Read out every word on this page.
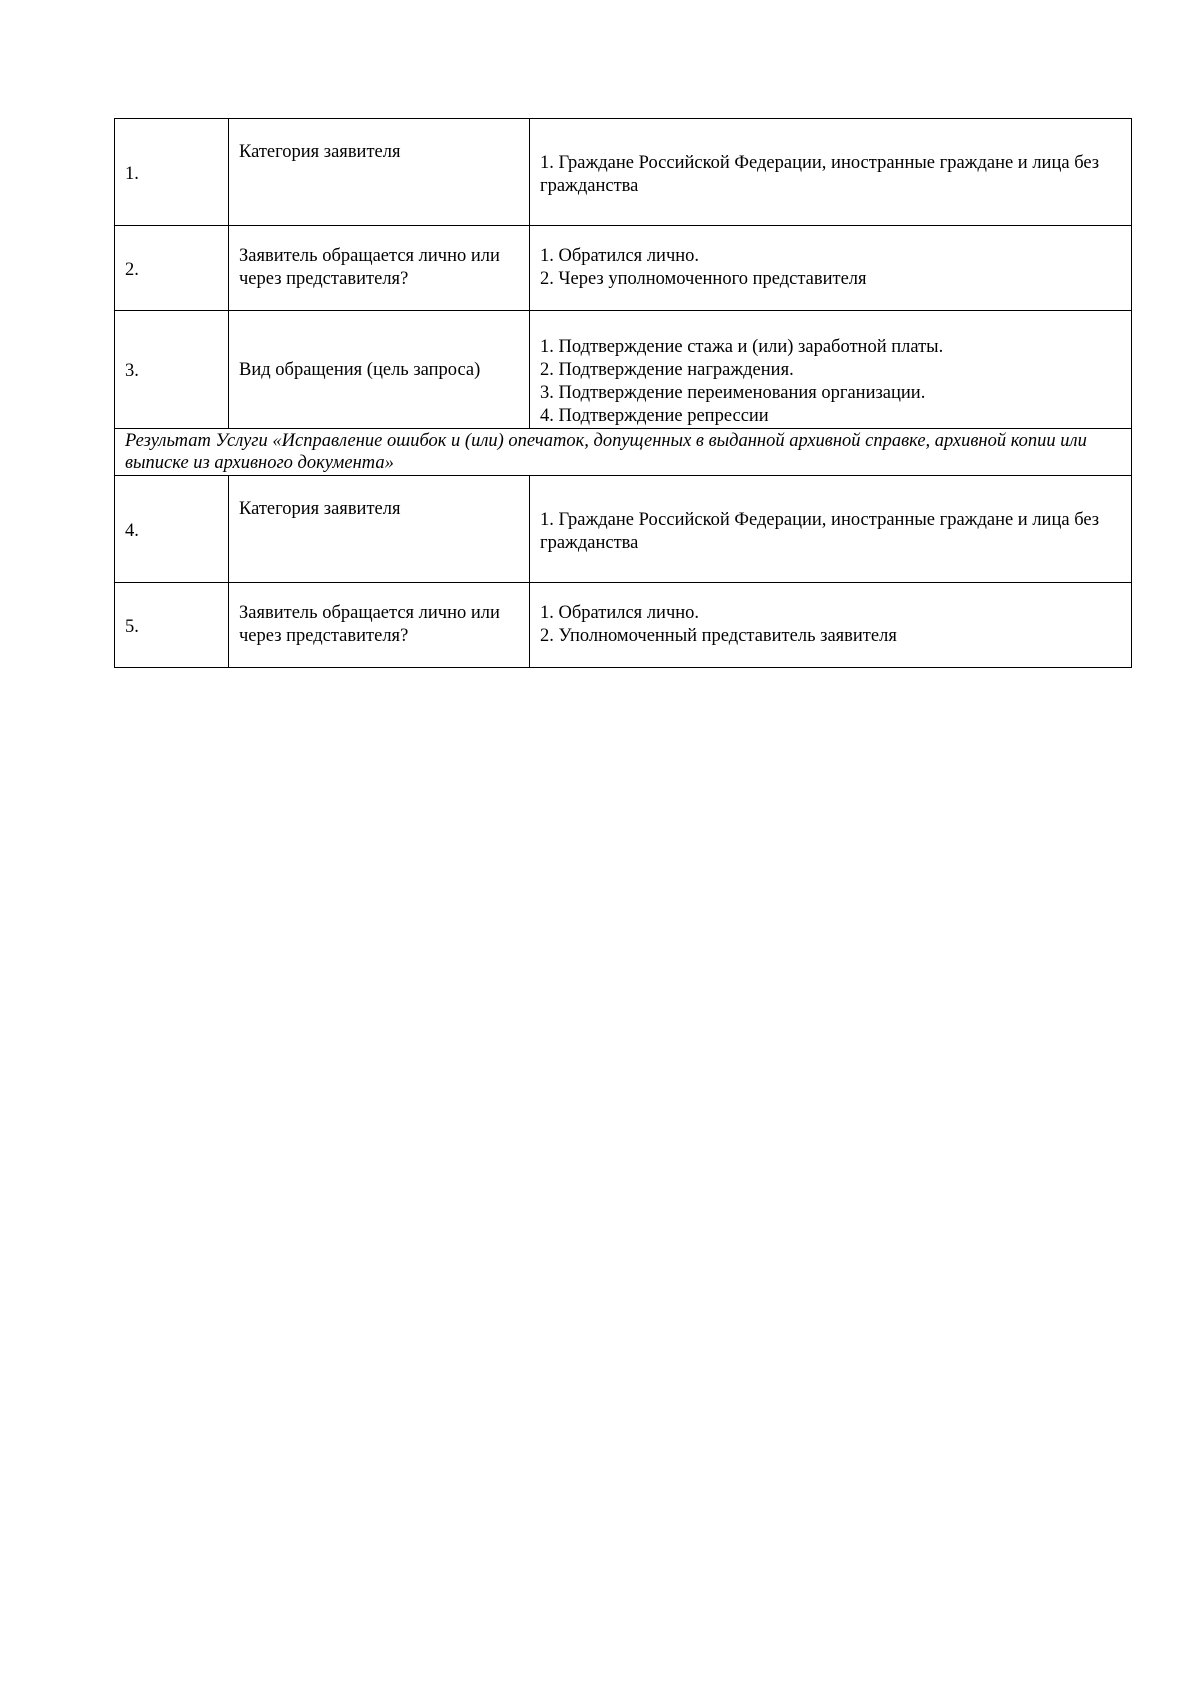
1.	Категория заявителя	1. Граждане Российской Федерации, иностранные граждане и лица без гражданства

2.	Заявитель обращается лично или через представителя?	1. Обратился лично.
2. Через уполномоченного представителя

3.	Вид обращения (цель запроса)	1. Подтверждение стажа и (или) заработной платы.
2. Подтверждение награждения.
3. Подтверждение переименования организации.
4. Подтверждение репрессии

Результат Услуги «Исправление ошибок и (или) опечаток, допущенных в выданной архивной справке, архивной копии или выписке из архивного документа»		

4.	Категория заявителя	1. Граждане Российской Федерации, иностранные граждане и лица без гражданства

5.	Заявитель обращается лично или через представителя?	1. Обратился лично.
2. Уполномоченный представитель заявителя
